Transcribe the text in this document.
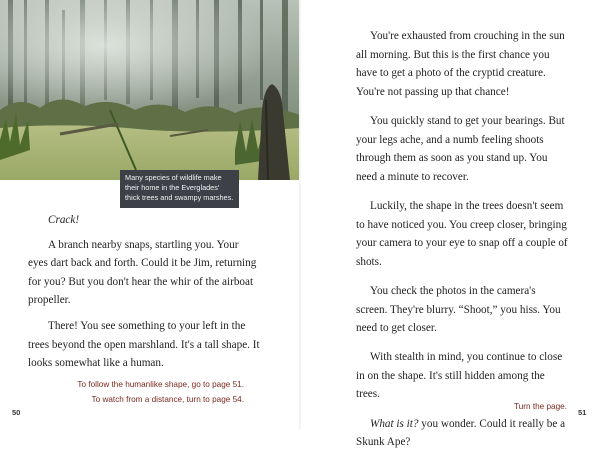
Many species of wildlife make their home in the Everglades' thick trees and swampy marshes.

Crack!

A branch nearby snaps, startling you. Your eyes dart back and forth. Could it be Jim, returning for you? But you don't hear the whir of the airboat propeller.

There! You see something to your left in the trees beyond the open marshland. It's a tall shape. It looks somewhat like a human.

To follow the humanlike shape, go to page 51.
To watch from a distance, turn to page 54.
50

You're exhausted from crouching in the sun all morning. But this is the first chance you have to get a photo of the cryptid creature. You're not passing up that chance!

You quickly stand to get your bearings. But your legs ache, and a numb feeling shoots through them as soon as you stand up. You need a minute to recover.

Luckily, the shape in the trees doesn't seem to have noticed you. You creep closer, bringing your camera to your eye to snap off a couple of shots.

You check the photos in the camera's screen. They're blurry. “Shoot,” you hiss. You need to get closer.

With stealth in mind, you continue to close in on the shape. It's still hidden among the trees.

What is it? you wonder. Could it really be a Skunk Ape?

Turn the page.
51
